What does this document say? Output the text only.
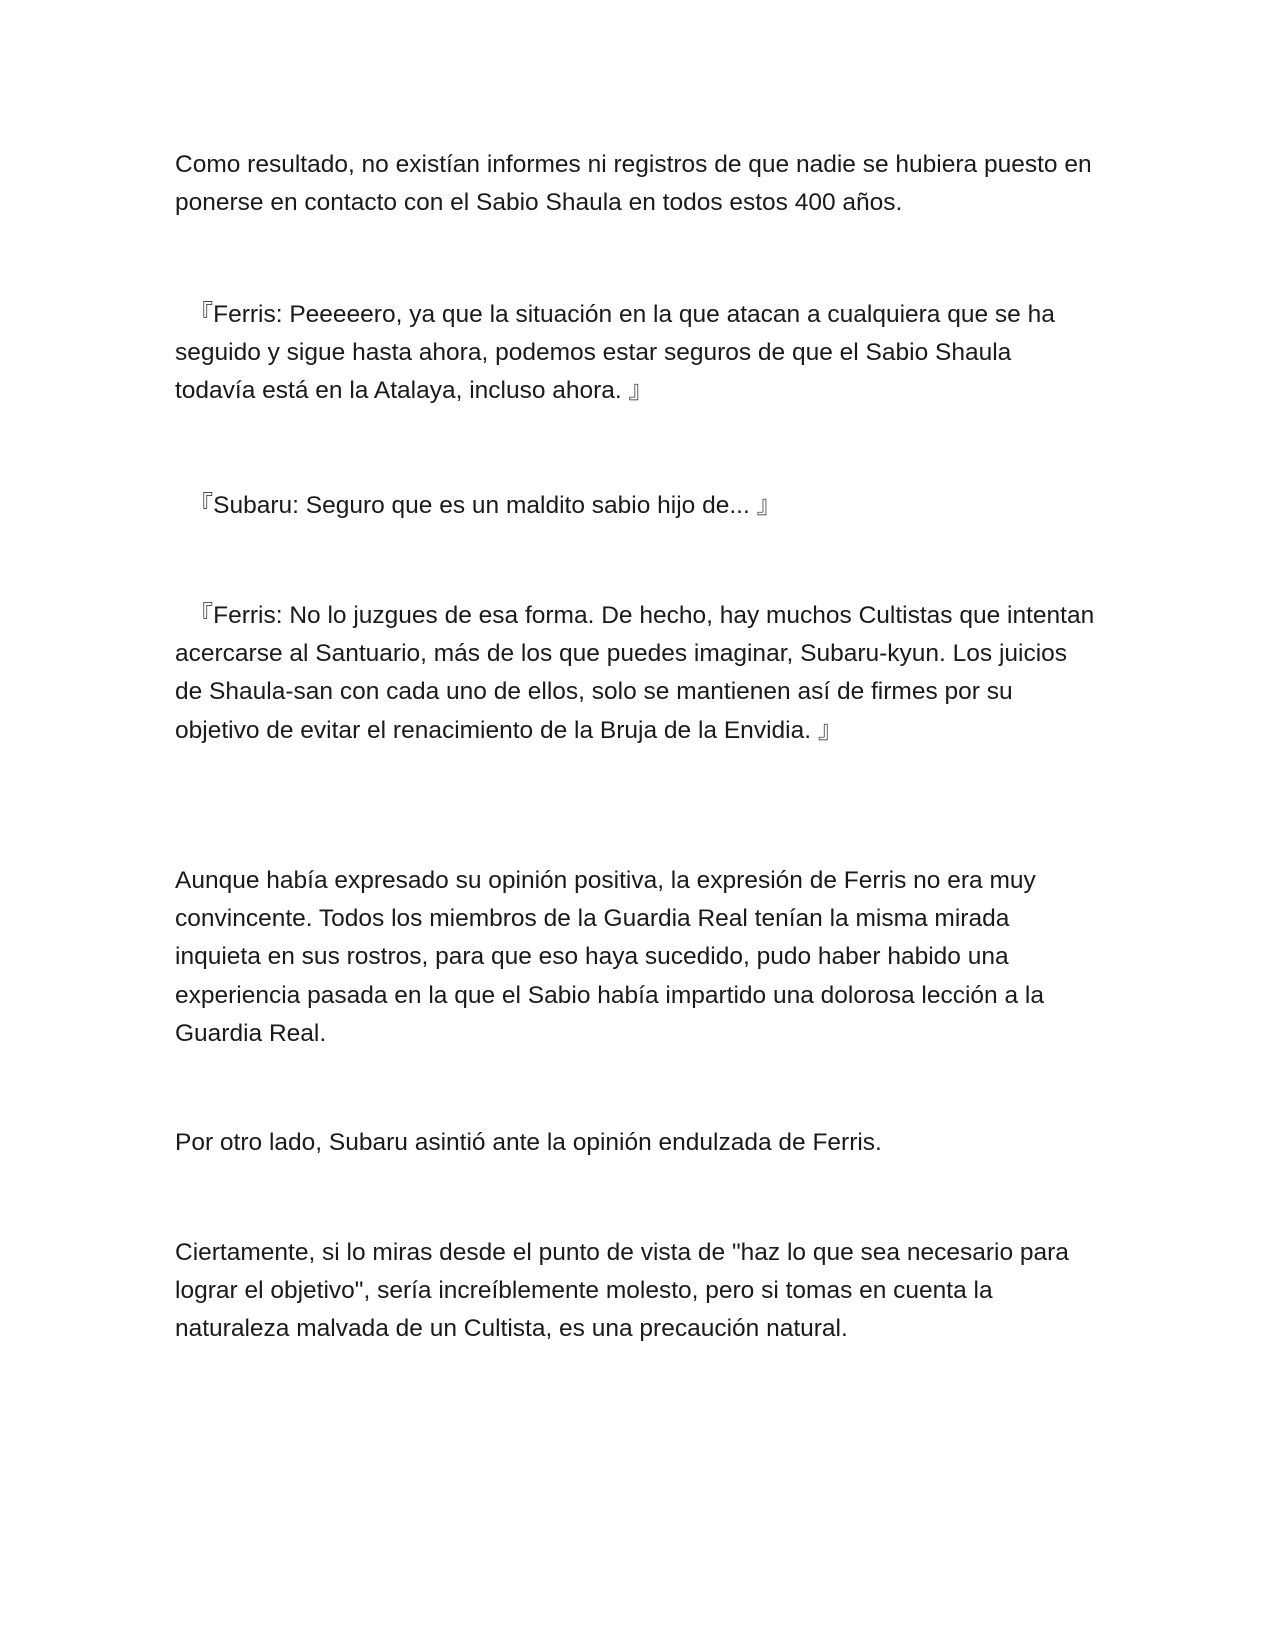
Como resultado, no existían informes ni registros de que nadie se hubiera puesto en ponerse en contacto con el Sabio Shaula en todos estos 400 años.

『Ferris: Peeeeero, ya que la situación en la que atacan a cualquiera que se ha seguido y sigue hasta ahora, podemos estar seguros de que el Sabio Shaula todavía está en la Atalaya, incluso ahora. 』

『Subaru: Seguro que es un maldito sabio hijo de... 』

『Ferris: No lo juzgues de esa forma. De hecho, hay muchos Cultistas que intentan acercarse al Santuario, más de los que puedes imaginar, Subaru-kyun. Los juicios de Shaula-san con cada uno de ellos, solo se mantienen así de firmes por su objetivo de evitar el renacimiento de la Bruja de la Envidia. 』

Aunque había expresado su opinión positiva, la expresión de Ferris no era muy convincente. Todos los miembros de la Guardia Real tenían la misma mirada inquieta en sus rostros, para que eso haya sucedido, pudo haber habido una experiencia pasada en la que el Sabio había impartido una dolorosa lección a la Guardia Real.

Por otro lado, Subaru asintió ante la opinión endulzada de Ferris.

Ciertamente, si lo miras desde el punto de vista de "haz lo que sea necesario para lograr el objetivo", sería increíblemente molesto, pero si tomas en cuenta la naturaleza malvada de un Cultista, es una precaución natural.
